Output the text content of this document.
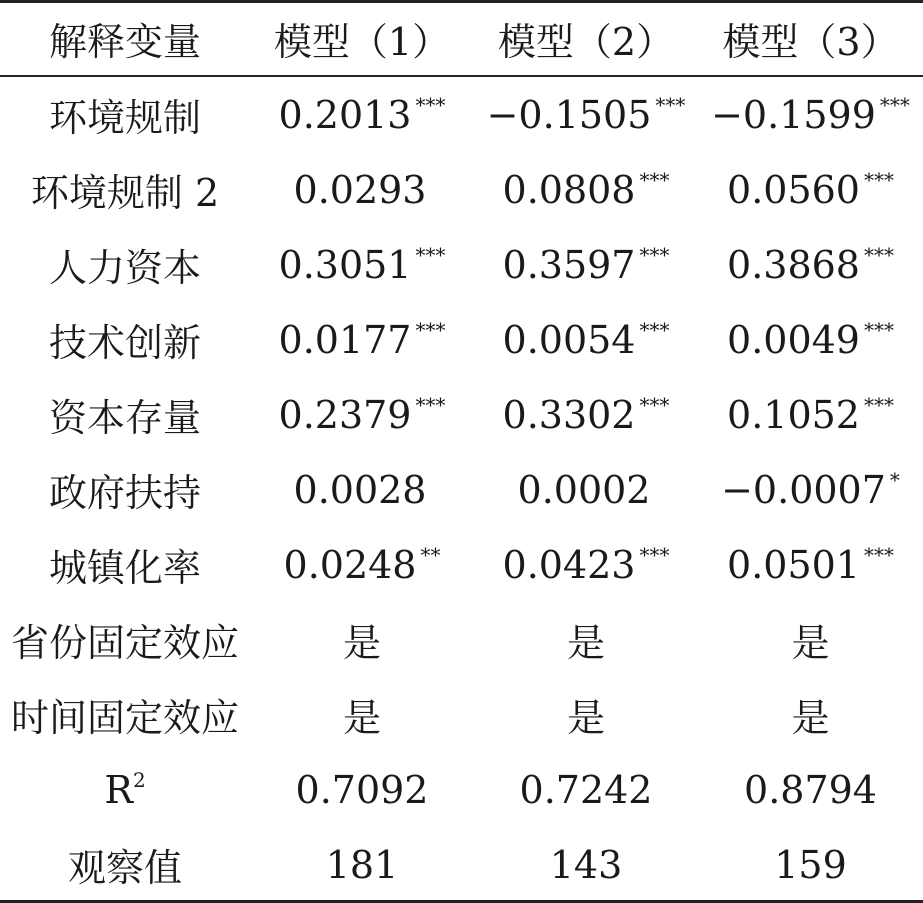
解释变量	模型（1）	模型（2）	模型（3）
环境规制	0.2013 ***	−0.1505 ***	−0.1599 ***
环境规制 2	0.0293	0.0808 ***	0.0560 ***
人力资本	0.3051 ***	0.3597 ***	0.3868 ***
技术创新	0.0177 ***	0.0054 ***	0.0049 ***
资本存量	0.2379 ***	0.3302 ***	0.1052 ***
政府扶持	0.0028	0.0002	−0.0007 *
城镇化率	0.0248 **	0.0423 ***	0.0501 ***
省份固定效应	是	是	是
时间固定效应	是	是	是
$R^2$	0.7092	0.7242	0.8794
观察值	181	143	159
